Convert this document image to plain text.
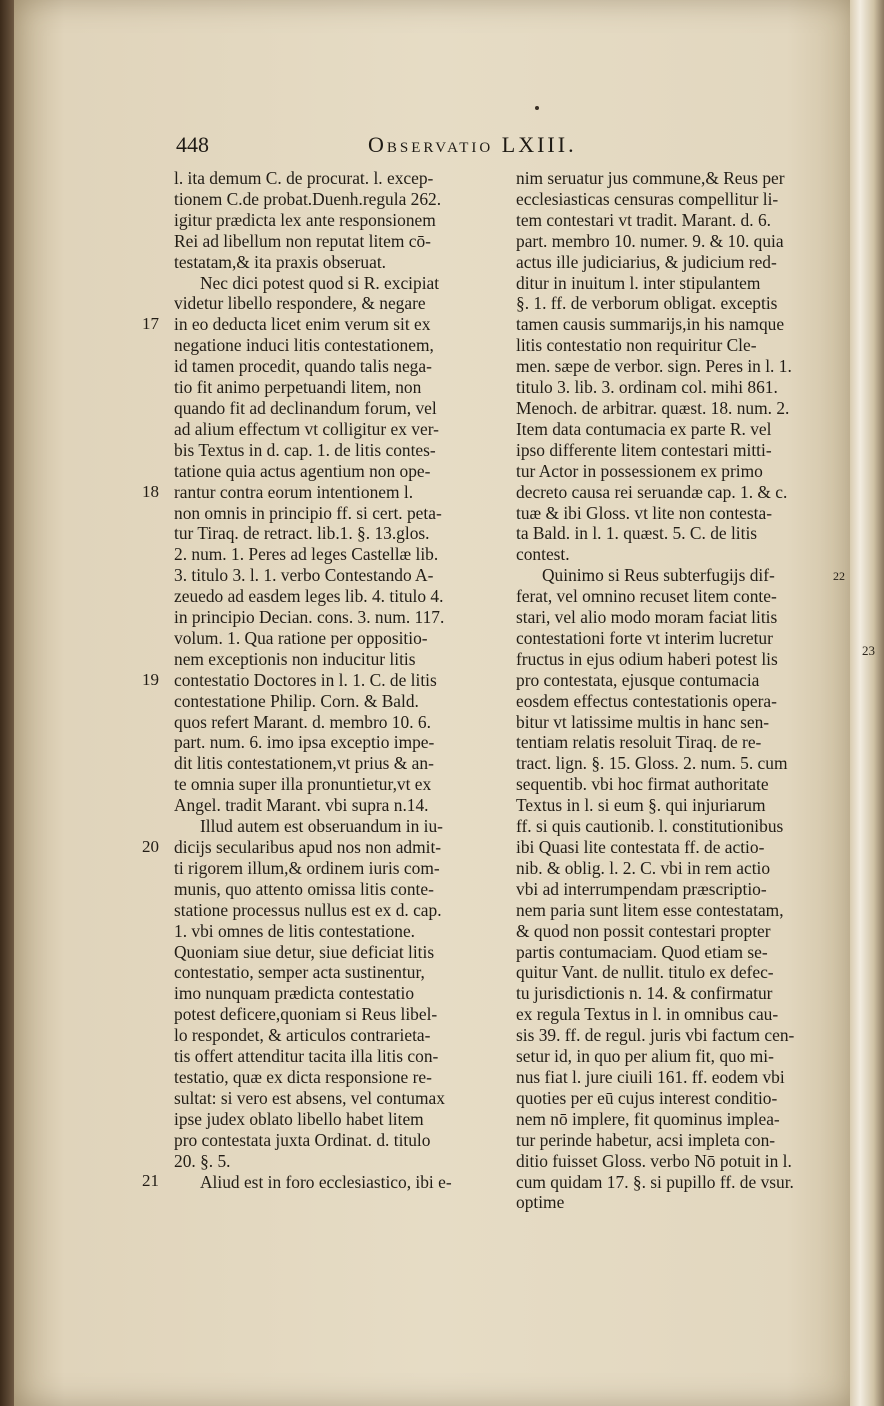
448	Observatio LXIII.
l. ita demum C. de procurat. l. excep-
tionem C.de probat.Duenh.regula 262.
igitur prædicta lex ante responsionem
Rei ad libellum non reputat litem cō-
testatam,& ita praxis obseruat.
Nec dici potest quod si R. excipiat
videtur libello respondere, & negare
in eo deducta licet enim verum sit ex
negatione induci litis contestationem,
id tamen procedit, quando talis nega-
tio fit animo perpetuandi litem, non
quando fit ad declinandum forum, vel
ad alium effectum vt colligitur ex ver-
bis Textus in d. cap. 1. de litis contes-
tatione quia actus agentium non ope-
rantur contra eorum intentionem l.
non omnis in principio ff. si cert. peta-
tur Tiraq. de retract. lib.1. §. 13.glos.
2. num. 1. Peres ad leges Castellæ lib.
3. titulo 3. l. 1. verbo Contestando A-
zeuedo ad easdem leges lib. 4. titulo 4.
in principio Decian. cons. 3. num. 117.
volum. 1. Qua ratione per oppositio-
nem exceptionis non inducitur litis
contestatio Doctores in l. 1. C. de litis
contestatione Philip. Corn. & Bald.
quos refert Marant. d. membro 10. 6.
part. num. 6. imo ipsa exceptio impe-
dit litis contestationem,vt prius & an-
te omnia super illa pronuntietur,vt ex
Angel. tradit Marant. vbi supra n.14.
Illud autem est obseruandum in iu-
dicijs secularibus apud nos non admit-
ti rigorem illum,& ordinem iuris com-
munis, quo attento omissa litis conte-
statione processus nullus est ex d. cap.
1. vbi omnes de litis contestatione.
Quoniam siue detur, siue deficiat litis
contestatio, semper acta sustinentur,
imo nunquam prædicta contestatio
potest deficere,quoniam si Reus libel-
lo respondet, & articulos contrarieta-
tis offert attenditur tacita illa litis con-
testatio, quæ ex dicta responsione re-
sultat: si vero est absens, vel contumax
ipse judex oblato libello habet litem
pro contestata juxta Ordinat. d. titulo
20. §. 5.
Aliud est in foro ecclesiastico, ibi e-
nim seruatur jus commune,& Reus per
ecclesiasticas censuras compellitur li-
tem contestari vt tradit. Marant. d. 6.
part. membro 10. numer. 9. & 10. quia
actus ille judiciarius, & judicium red-
ditur in inuitum l. inter stipulantem
§. 1. ff. de verborum obligat. exceptis
tamen causis summarijs,in his namque
litis contestatio non requiritur Cle-
men. sæpe de verbor. sign. Peres in l. 1.
titulo 3. lib. 3. ordinam col. mihi 861.
Menoch. de arbitrar. quæst. 18. num. 2.
Item data contumacia ex parte R. vel
ipso differente litem contestari mitti-
tur Actor in possessionem ex primo
decreto causa rei seruandæ cap. 1. & c.
tuæ & ibi Gloss. vt lite non contesta-
ta Bald. in l. 1. quæst. 5. C. de litis
contest.
Quinimo si Reus subterfugijs dif-
ferat, vel omnino recuset litem conte-
stari, vel alio modo moram faciat litis
contestationi forte vt interim lucretur
fructus in ejus odium haberi potest lis
pro contestata, ejusque contumacia
eosdem effectus contestationis opera-
bitur vt latissime multis in hanc sen-
tentiam relatis resoluit Tiraq. de re-
tract. lign. §. 15. Gloss. 2. num. 5. cum
sequentib. vbi hoc firmat authoritate
Textus in l. si eum §. qui injuriarum
ff. si quis cautionib. l. constitutionibus
ibi Quasi lite contestata ff. de actio-
nib. & oblig. l. 2. C. vbi in rem actio
vbi ad interrumpendam præscriptio-
nem paria sunt litem esse contestatam,
& quod non possit contestari propter
partis contumaciam. Quod etiam se-
quitur Vant. de nullit. titulo ex defec-
tu jurisdictionis n. 14. & confirmatur
ex regula Textus in l. in omnibus cau-
sis 39. ff. de regul. juris vbi factum cen-
setur id, in quo per alium fit, quo mi-
nus fiat l. jure ciuili 161. ff. eodem vbi
quoties per eū cujus interest conditio-
nem nō implere, fit quominus implea-
tur perinde habetur, acsi impleta con-
ditio fuisset Gloss. verbo Nō potuit in l.
cum quidam 17. §. si pupillo ff. de vsur.
optime
17
18
19
20
21
22
23
